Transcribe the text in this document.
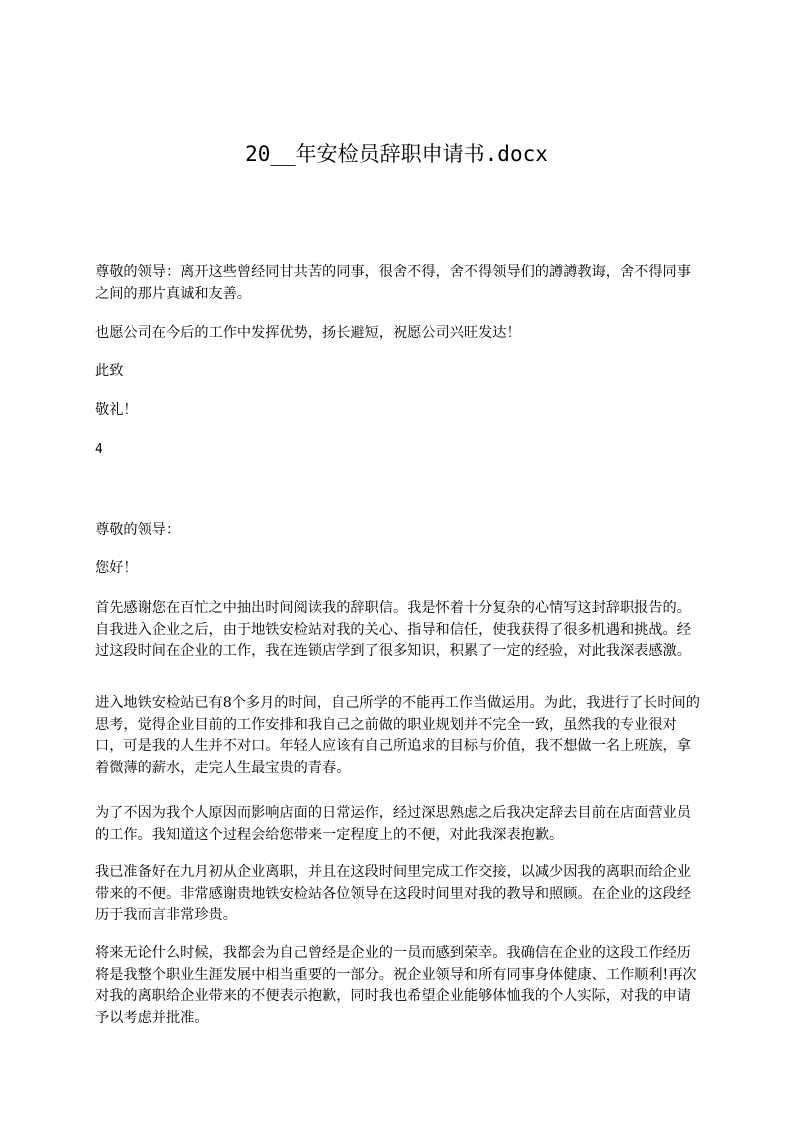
20__年安检员辞职申请书.docx

尊敬的领导：离开这些曾经同甘共苦的同事，很舍不得，舍不得领导们的譐譐教诲，舍不得同事之间的那片真诚和友善。

也愿公司在今后的工作中发挥优势，扬长避短，祝愿公司兴旺发达！

此致

敬礼！

4

尊敬的领导：

您好！

首先感谢您在百忙之中抽出时间阅读我的辞职信。我是怀着十分复杂的心情写这封辞职报告的。自我进入企业之后，由于地铁安检站对我的关心、指导和信任，使我获得了很多机遇和挑战。经过这段时间在企业的工作，我在连锁店学到了很多知识，积累了一定的经验，对此我深表感激。

进入地铁安检站已有8个多月的时间，自己所学的不能再工作当做运用。为此，我进行了长时间的思考，觉得企业目前的工作安排和我自己之前做的职业规划并不完全一致，虽然我的专业很对口，可是我的人生并不对口。年轻人应该有自己所追求的目标与价值，我不想做一名上班族，拿着微薄的薪水，走完人生最宝贵的青春。

为了不因为我个人原因而影响店面的日常运作，经过深思熟虑之后我决定辞去目前在店面营业员的工作。我知道这个过程会给您带来一定程度上的不便，对此我深表抱歉。

我已准备好在九月初从企业离职，并且在这段时间里完成工作交接，以减少因我的离职而给企业带来的不便。非常感谢贵地铁安检站各位领导在这段时间里对我的教导和照顾。在企业的这段经历于我而言非常珍贵。

将来无论什么时候，我都会为自己曾经是企业的一员而感到荣幸。我确信在企业的这段工作经历将是我整个职业生涯发展中相当重要的一部分。祝企业领导和所有同事身体健康、工作顺利!再次对我的离职给企业带来的不便表示抱歉，同时我也希望企业能够体恤我的个人实际，对我的申请予以考虑并批准。
